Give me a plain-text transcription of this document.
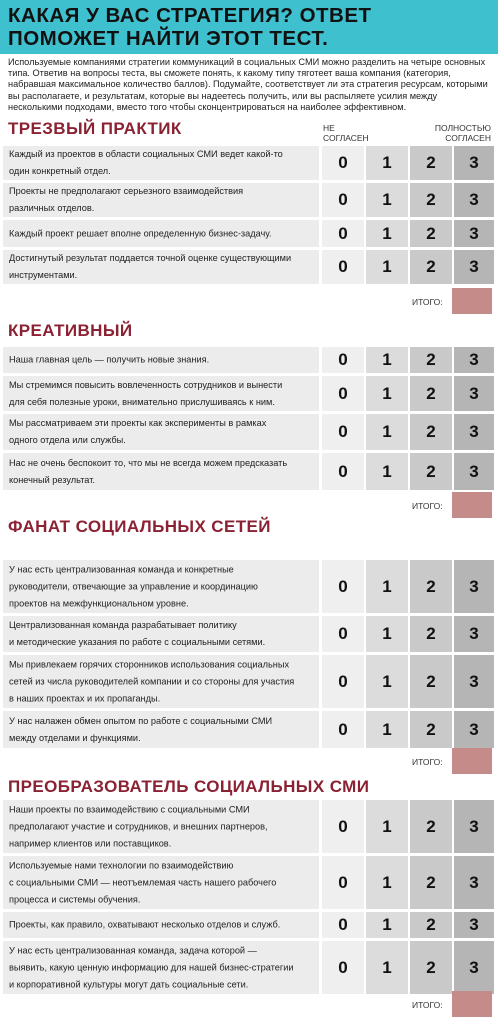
КАКАЯ У ВАС СТРАТЕГИЯ? ОТВЕТ
ПОМОЖЕТ НАЙТИ ЭТОТ ТЕСТ.
Используемые компаниями стратегии коммуникаций в социальных СМИ можно разделить на четыре основных типа. Ответив на вопросы теста, вы сможете понять, к какому типу тяготеет ваша компания (категория, набравшая максимальное количество баллов). Подумайте, соответствует ли эта стратегия ресурсам, которыми вы располагаете, и результатам, которые вы надеетесь получить, или вы распыляете усилия между несколькими подходами, вместо того чтобы сконцентрироваться на наиболее эффективном.
ТРЕЗВЫЙ ПРАКТИК	НЕ
СОГЛАСЕН
ПОЛНОСТЬЮ
СОГЛАСЕН
Каждый из проектов в области социальных СМИ ведет какой-то
один конкретный отдел.	0	1	2	3
Проекты не предполагают серьезного взаимодействия
различных отделов.	0	1	2	3
Каждый проект решает вполне определенную бизнес-задачу.	0	1	2	3
Достигнутый результат поддается точной оценке существующими
инструментами.	0	1	2	3
ИТОГО:
КРЕАТИВНЫЙ
Наша главная цель — получить новые знания.	0	1	2	3
Мы стремимся повысить вовлеченность сотрудников и вынести
для себя полезные уроки, внимательно прислушиваясь к ним.	0	1	2	3
Мы рассматриваем эти проекты как эксперименты в рамках
одного отдела или службы.	0	1	2	3
Нас не очень беспокоит то, что мы не всегда можем предсказать
конечный результат.	0	1	2	3
ИТОГО:
ФАНАТ СОЦИАЛЬНЫХ СЕТЕЙ
У нас есть централизованная команда и конкретные
руководители, отвечающие за управление и координацию
проектов на межфункциональном уровне.
0	1	2	3
Централизованная команда разрабатывает политику
и методические указания по работе с социальными сетями.	0	1	2	3
Мы привлекаем горячих сторонников использования социальных
сетей из числа руководителей компании и со стороны для участия
в наших проектах и их пропаганды.
0	1	2	3
У нас налажен обмен опытом по работе с социальными СМИ
между отделами и функциями.	0	1	2	3
ИТОГО:
ПРЕОБРАЗОВАТЕЛЬ СОЦИАЛЬНЫХ СМИ
Наши проекты по взаимодействию с социальными СМИ
предполагают участие и сотрудников, и внешних партнеров,
например клиентов или поставщиков.
0	1	2	3
Используемые нами технологии по взаимодействию
с социальными СМИ — неотъемлемая часть нашего рабочего
процесса и системы обучения.
0	1	2	3
Проекты, как правило, охватывают несколько отделов и служб.	0	1	2	3
У нас есть централизованная команда, задача которой —
выявить, какую ценную информацию для нашей бизнес-стратегии
и корпоративной культуры могут дать социальные сети.
0	1	2	3
ИТОГО:
